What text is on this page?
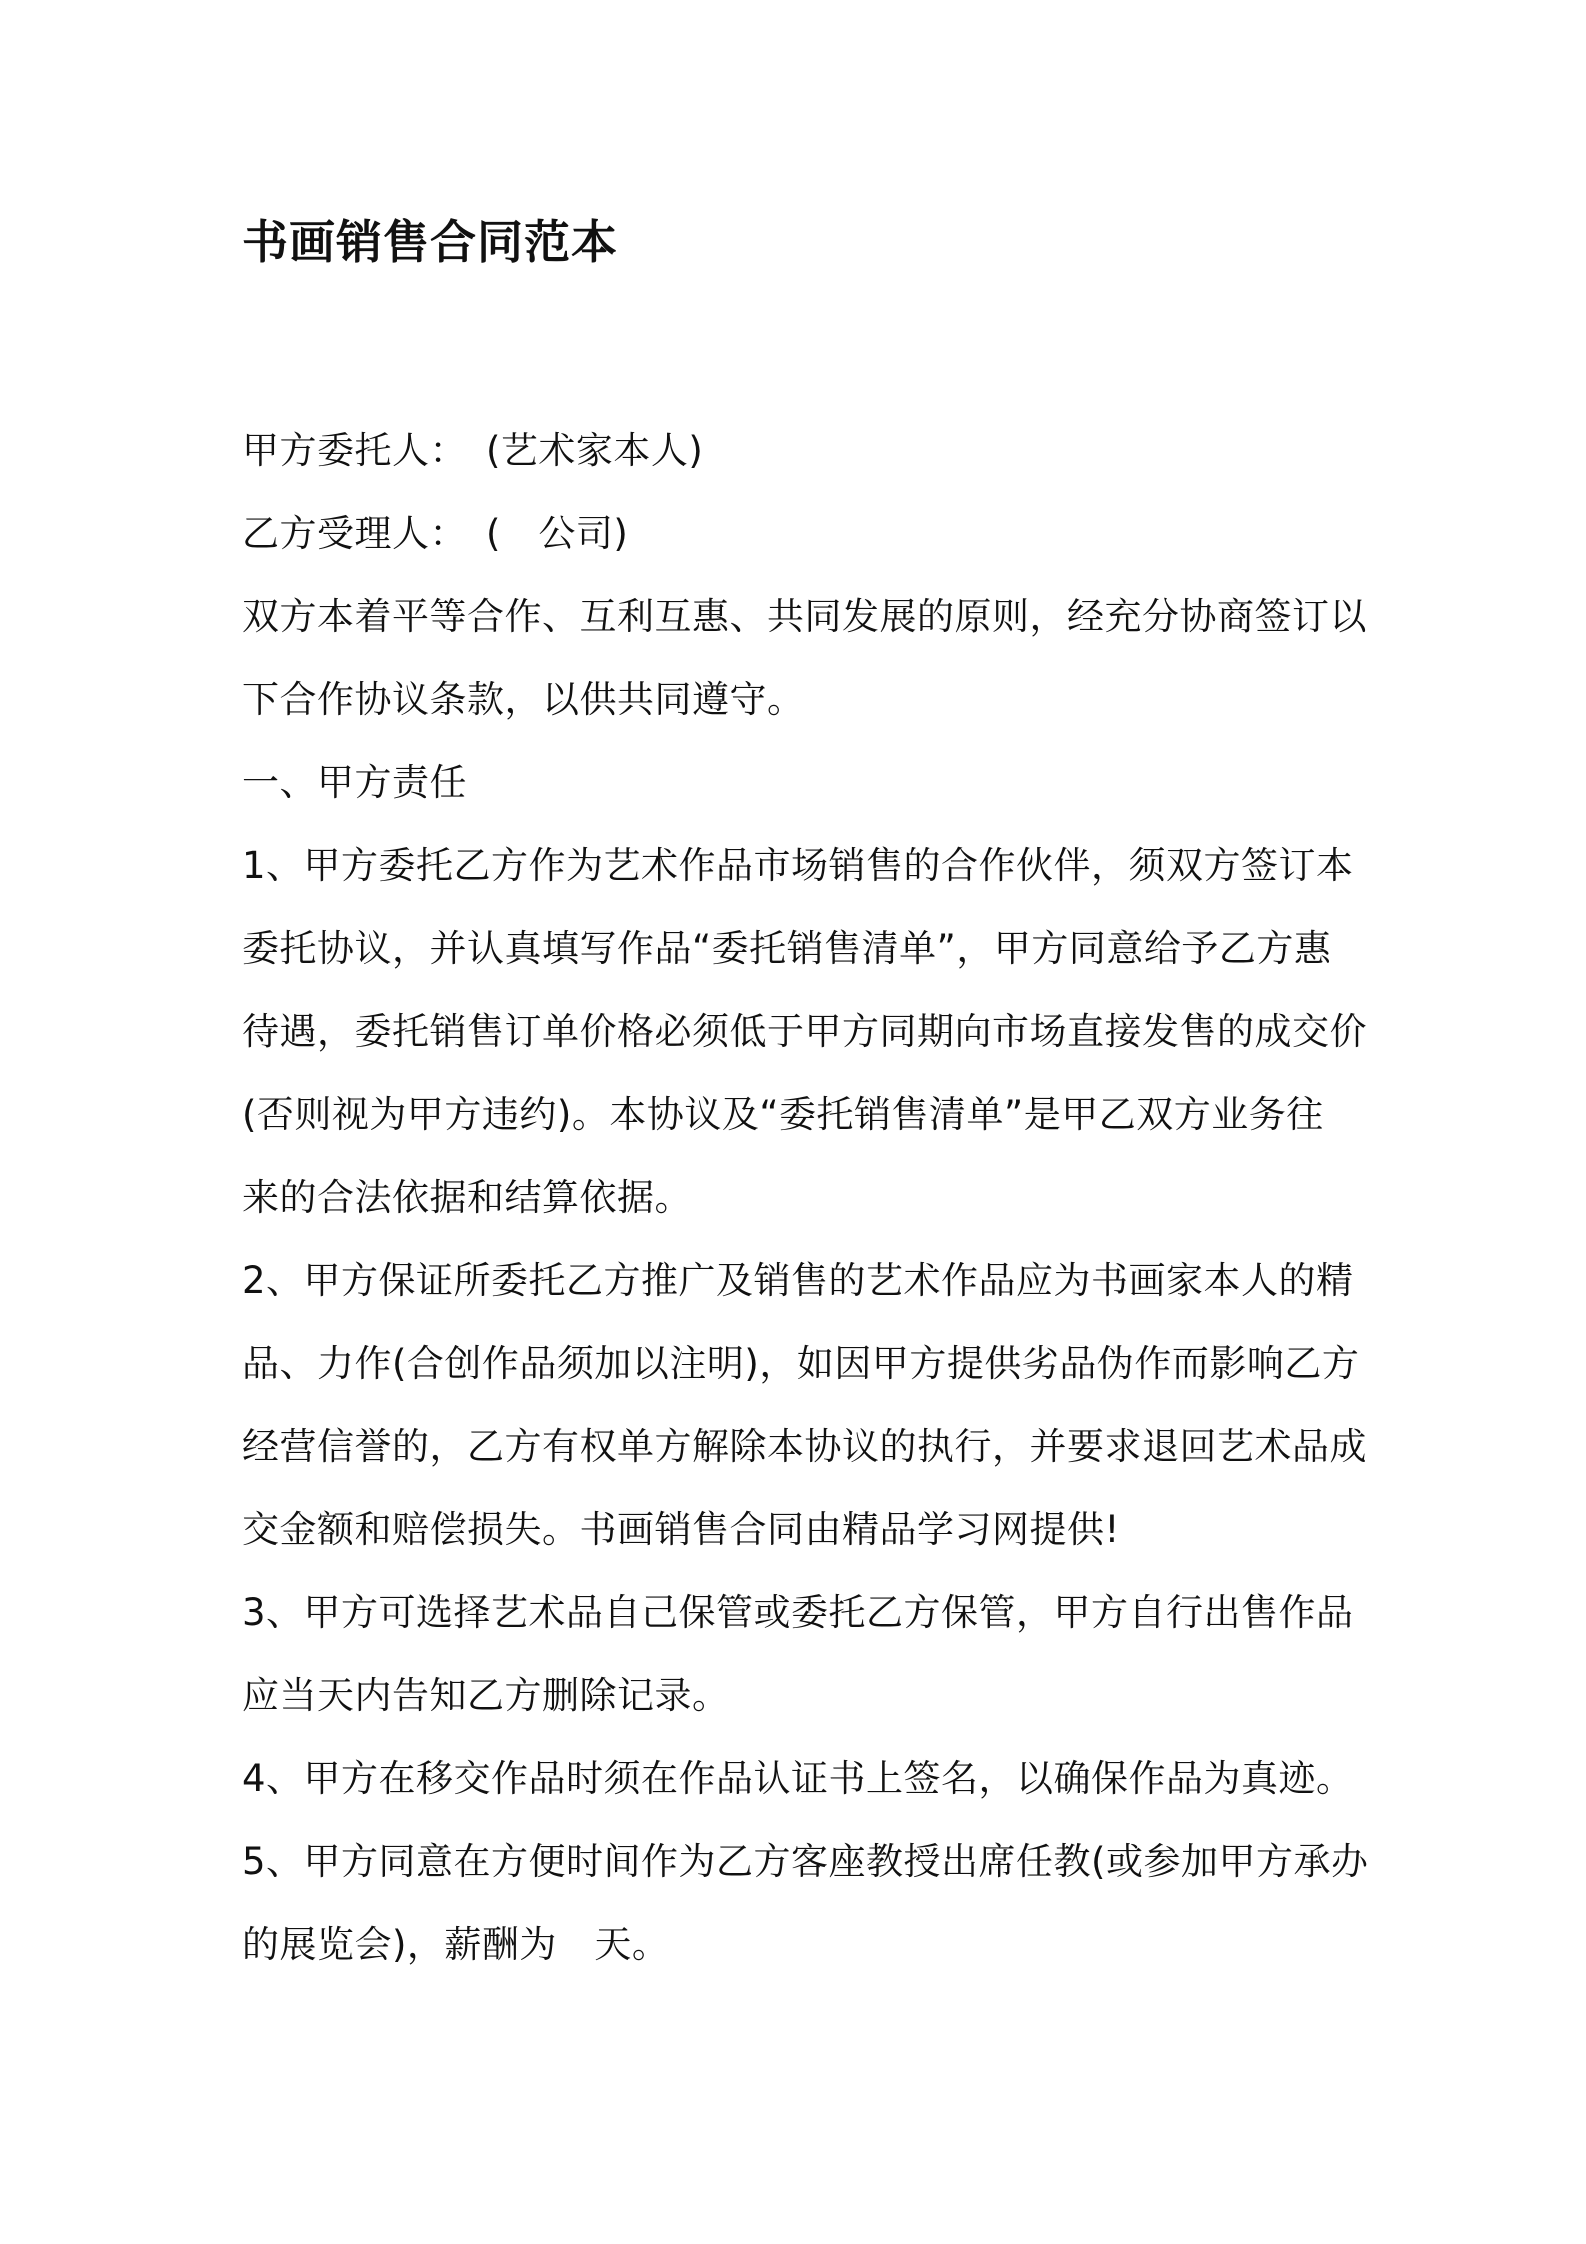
书画销售合同范本
甲方委托人：　(艺术家本人)
乙方受理人：　(　公司)
双方本着平等合作、互利互惠、共同发展的原则，经充分协商签订以
下合作协议条款，以供共同遵守。
一、甲方责任
1、甲方委托乙方作为艺术作品市场销售的合作伙伴，须双方签订本
委托协议，并认真填写作品“委托销售清单”，甲方同意给予乙方惠
待遇，委托销售订单价格必须低于甲方同期向市场直接发售的成交价
(否则视为甲方违约)。本协议及“委托销售清单”是甲乙双方业务往
来的合法依据和结算依据。
2、甲方保证所委托乙方推广及销售的艺术作品应为书画家本人的精
品、力作(合创作品须加以注明)，如因甲方提供劣品伪作而影响乙方
经营信誉的，乙方有权单方解除本协议的执行，并要求退回艺术品成
交金额和赔偿损失。书画销售合同由精品学习网提供!
3、甲方可选择艺术品自己保管或委托乙方保管，甲方自行出售作品
应当天内告知乙方删除记录。
4、甲方在移交作品时须在作品认证书上签名，以确保作品为真迹。
5、甲方同意在方便时间作为乙方客座教授出席任教(或参加甲方承办
的展览会)，薪酬为　天。
